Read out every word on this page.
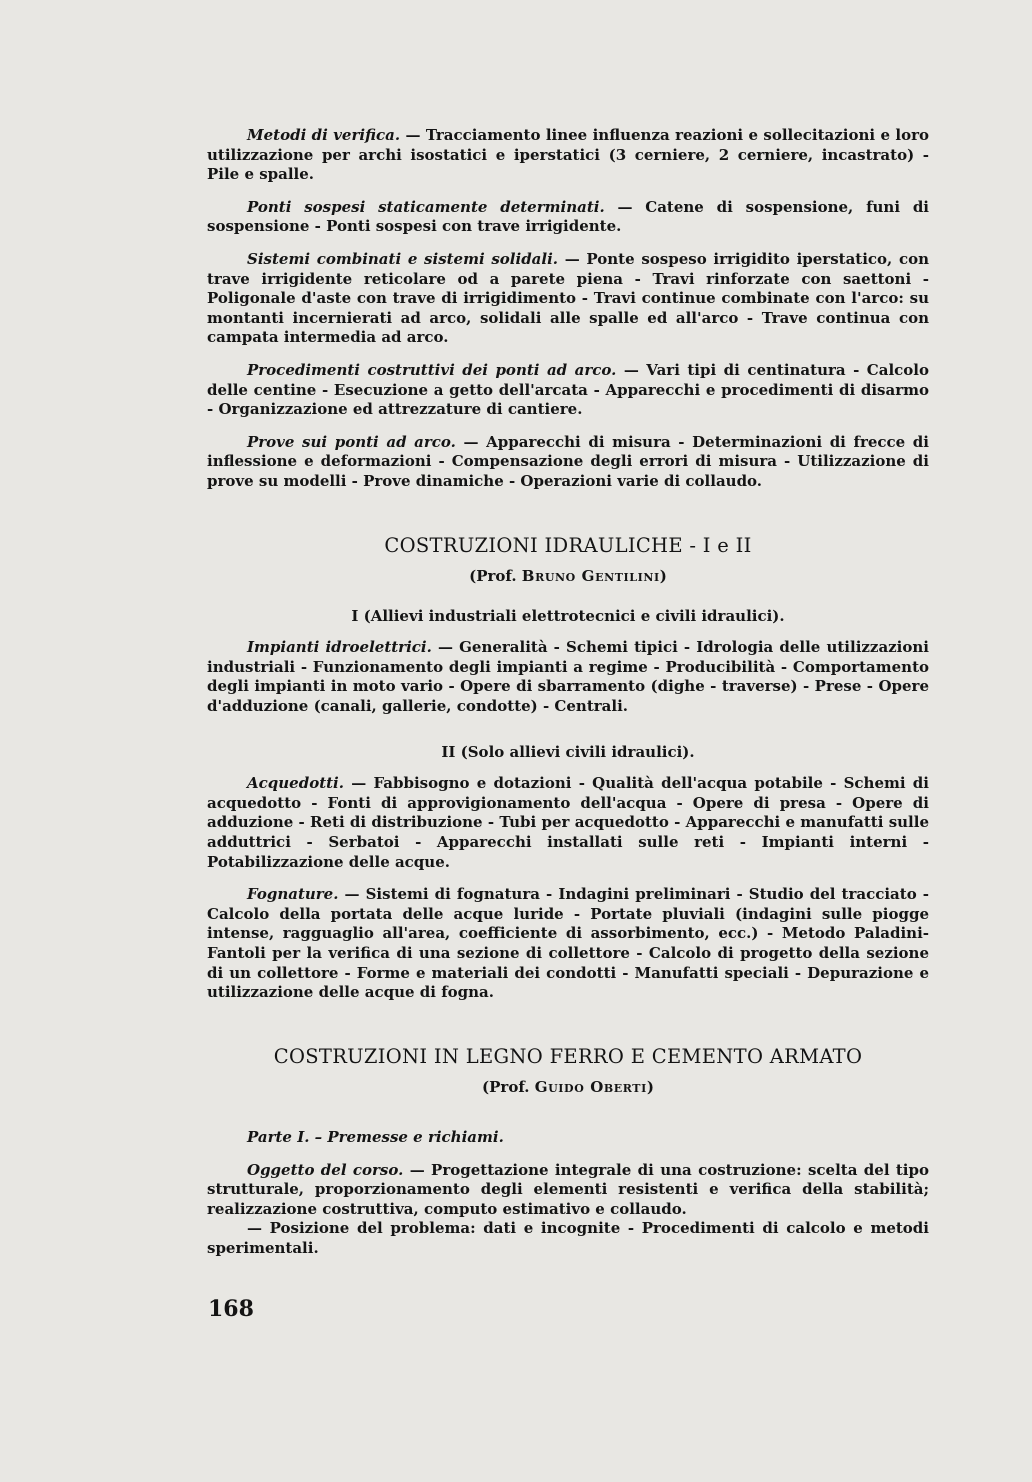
Metodi di verifica. — Tracciamento linee influenza reazioni e sollecitazioni e loro utilizzazione per archi isostatici e iperstatici (3 cerniere, 2 cerniere, incastrato) - Pile e spalle.

Ponti sospesi staticamente determinati. — Catene di sospensione, funi di sospensione - Ponti sospesi con trave irrigidente.

Sistemi combinati e sistemi solidali. — Ponte sospeso irrigidito iperstatico, con trave irrigidente reticolare od a parete piena - Travi rinforzate con saettoni - Poligonale d'aste con trave di irrigidimento - Travi continue combinate con l'arco: su montanti incernierati ad arco, solidali alle spalle ed all'arco - Trave continua con campata intermedia ad arco.

Procedimenti costruttivi dei ponti ad arco. — Vari tipi di centinatura - Calcolo delle centine - Esecuzione a getto dell'arcata - Apparecchi e procedimenti di disarmo - Organizzazione ed attrezzature di cantiere.

Prove sui ponti ad arco. — Apparecchi di misura - Determinazioni di frecce di inflessione e deformazioni - Compensazione degli errori di misura - Utilizzazione di prove su modelli - Prove dinamiche - Operazioni varie di collaudo.

COSTRUZIONI IDRAULICHE - I e II

(Prof. Bruno Gentilini)

I (Allievi industriali elettrotecnici e civili idraulici).

Impianti idroelettrici. — Generalità - Schemi tipici - Idrologia delle utilizzazioni industriali - Funzionamento degli impianti a regime - Producibilità - Comportamento degli impianti in moto vario - Opere di sbarramento (dighe - traverse) - Prese - Opere d'adduzione (canali, gallerie, condotte) - Centrali.

II (Solo allievi civili idraulici).

Acquedotti. — Fabbisogno e dotazioni - Qualità dell'acqua potabile - Schemi di acquedotto - Fonti di approvigionamento dell'acqua - Opere di presa - Opere di adduzione - Reti di distribuzione - Tubi per acquedotto - Apparecchi e manufatti sulle adduttrici - Serbatoi - Apparecchi installati sulle reti - Impianti interni - Potabilizzazione delle acque.

Fognature. — Sistemi di fognatura - Indagini preliminari - Studio del tracciato - Calcolo della portata delle acque luride - Portate pluviali (indagini sulle piogge intense, ragguaglio all'area, coefficiente di assorbimento, ecc.) - Metodo Paladini-Fantoli per la verifica di una sezione di collettore - Calcolo di progetto della sezione di un collettore - Forme e materiali dei condotti - Manufatti speciali - Depurazione e utilizzazione delle acque di fogna.

COSTRUZIONI IN LEGNO FERRO E CEMENTO ARMATO

(Prof. Guido Oberti)

Parte I. – Premesse e richiami.

Oggetto del corso. — Progettazione integrale di una costruzione: scelta del tipo strutturale, proporzionamento degli elementi resistenti e verifica della stabilità; realizzazione costruttiva, computo estimativo e collaudo.

— Posizione del problema: dati e incognite - Procedimenti di calcolo e metodi sperimentali.

168
